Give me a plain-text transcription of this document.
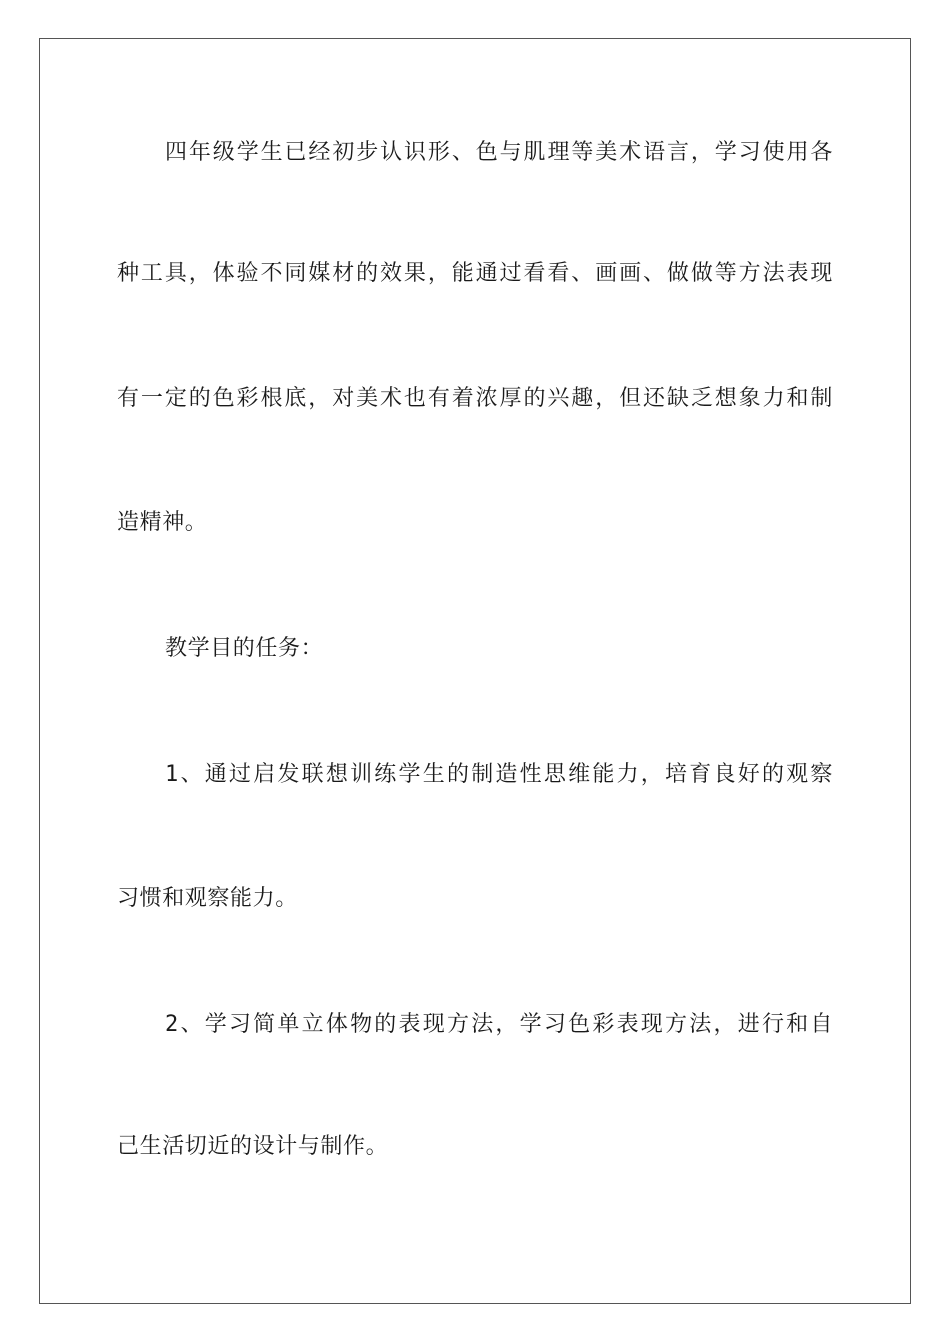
四年级学生已经初步认识形、色与肌理等美术语言，学习使用各
种工具，体验不同媒材的效果，能通过看看、画画、做做等方法表现
有一定的色彩根底，对美术也有着浓厚的兴趣，但还缺乏想象力和制
造精神。
教学目的任务：
1、通过启发联想训练学生的制造性思维能力，培育良好的观察
习惯和观察能力。
2、学习简单立体物的表现方法，学习色彩表现方法，进行和自
己生活切近的设计与制作。
